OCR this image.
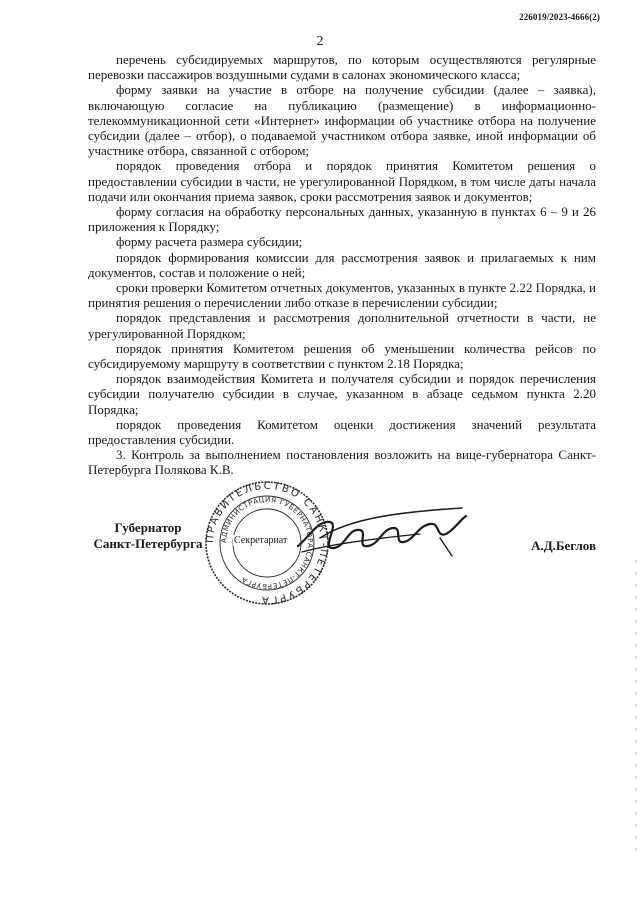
226019/2023-4666(2)
2

перечень субсидируемых маршрутов, по которым осуществляются регулярные перевозки пассажиров воздушными судами в салонах экономического класса;

форму заявки на участие в отборе на получение субсидии (далее – заявка), включающую согласие на публикацию (размещение) в информационно-телекоммуникационной сети «Интернет» информации об участнике отбора на получение субсидии (далее – отбор), о подаваемой участником отбора заявке, иной информации об участнике отбора, связанной с отбором;

порядок проведения отбора и порядок принятия Комитетом решения о предоставлении субсидии в части, не урегулированной Порядком, в том числе даты начала подачи или окончания приема заявок, сроки рассмотрения заявок и документов;

форму согласия на обработку персональных данных, указанную в пунктах 6 – 9 и 26 приложения к Порядку;

форму расчета размера субсидии;

порядок формирования комиссии для рассмотрения заявок и прилагаемых к ним документов, состав и положение о ней;

сроки проверки Комитетом отчетных документов, указанных в пункте 2.22 Порядка, и принятия решения о перечислении либо отказе в перечислении субсидии;

порядок представления и рассмотрения дополнительной отчетности в части, не урегулированной Порядком;

порядок принятия Комитетом решения об уменьшении количества рейсов по субсидируемому маршруту в соответствии с пунктом 2.18 Порядка;

порядок взаимодействия Комитета и получателя субсидии и порядок перечисления субсидии получателю субсидии в случае, указанном в абзаце седьмом пункта 2.20 Порядка;

порядок проведения Комитетом оценки достижения значений результата предоставления субсидии.

3. Контроль за выполнением постановления возложить на вице-губернатора Санкт-Петербурга Полякова К.В.

Губернатор
Санкт-Петербурга ПРАВИТЕЛЬСТВО САНКТ-ПЕТЕРБУРГА
АДМИНИСТРАЦИЯ ГУБЕРНАТОРА САНКТ-ПЕТЕРБУРГА
Секретариат	А.Д.Беглов
